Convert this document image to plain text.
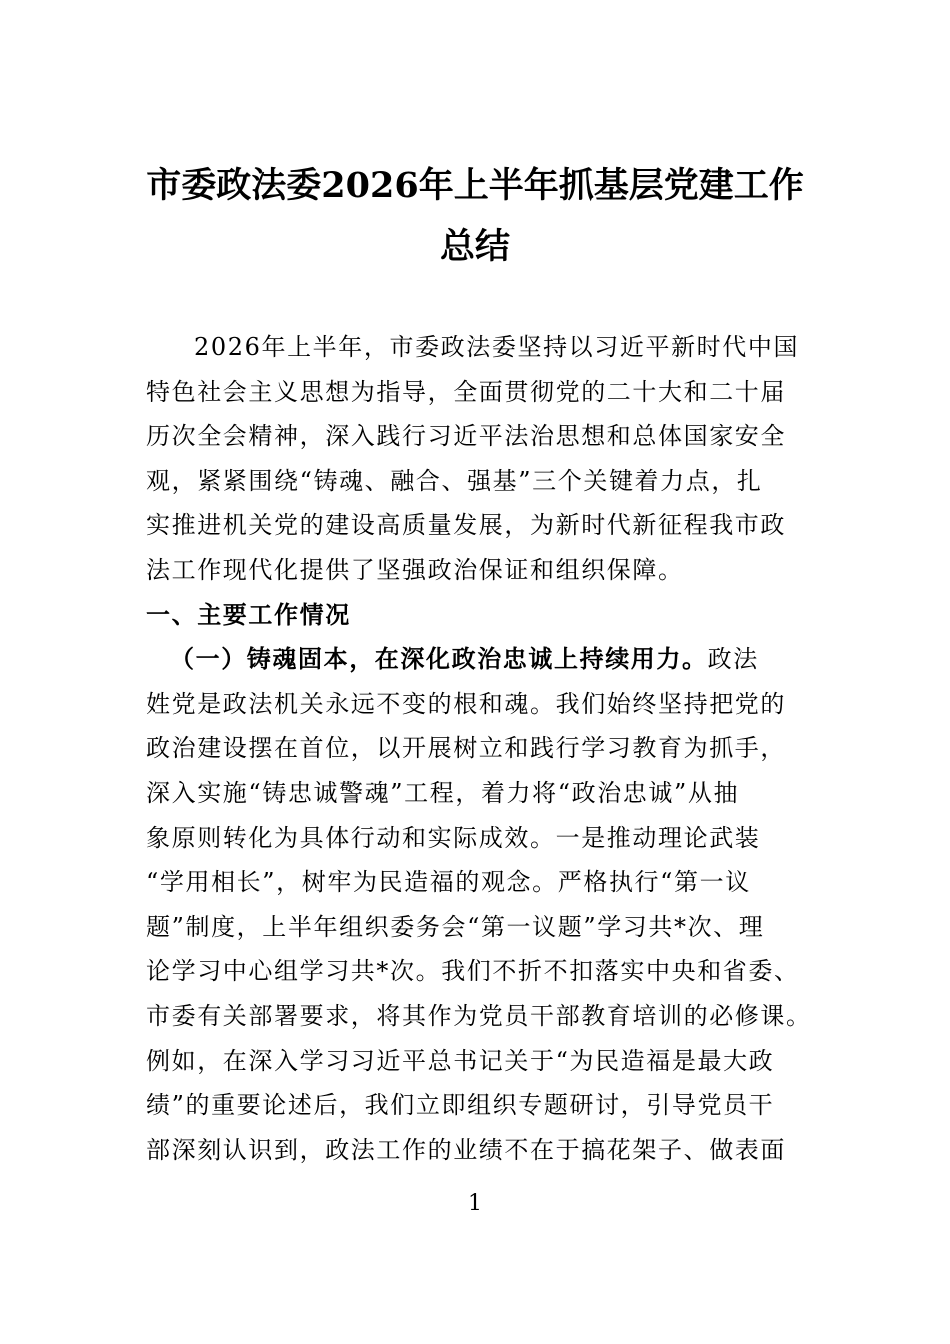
市委政法委2026年上半年抓基层党建工作
总结

2026年上半年，市委政法委坚持以习近平新时代中国
特色社会主义思想为指导，全面贯彻党的二十大和二十届
历次全会精神，深入践行习近平法治思想和总体国家安全
观，紧紧围绕“铸魂、融合、强基”三个关键着力点，扎
实推进机关党的建设高质量发展，为新时代新征程我市政
法工作现代化提供了坚强政治保证和组织保障。

一、主要工作情况

（一）铸魂固本，在深化政治忠诚上持续用力。政法
姓党是政法机关永远不变的根和魂。我们始终坚持把党的
政治建设摆在首位，以开展树立和践行学习教育为抓手，
深入实施“铸忠诚警魂”工程，着力将“政治忠诚”从抽
象原则转化为具体行动和实际成效。一是推动理论武装
“学用相长”，树牢为民造福的观念。严格执行“第一议
题”制度，上半年组织委务会“第一议题”学习共*次、理
论学习中心组学习共*次。我们不折不扣落实中央和省委、
市委有关部署要求，将其作为党员干部教育培训的必修课。
例如，在深入学习习近平总书记关于“为民造福是最大政
绩”的重要论述后，我们立即组织专题研讨，引导党员干
部深刻认识到，政法工作的业绩不在于搞花架子、做表面

1
